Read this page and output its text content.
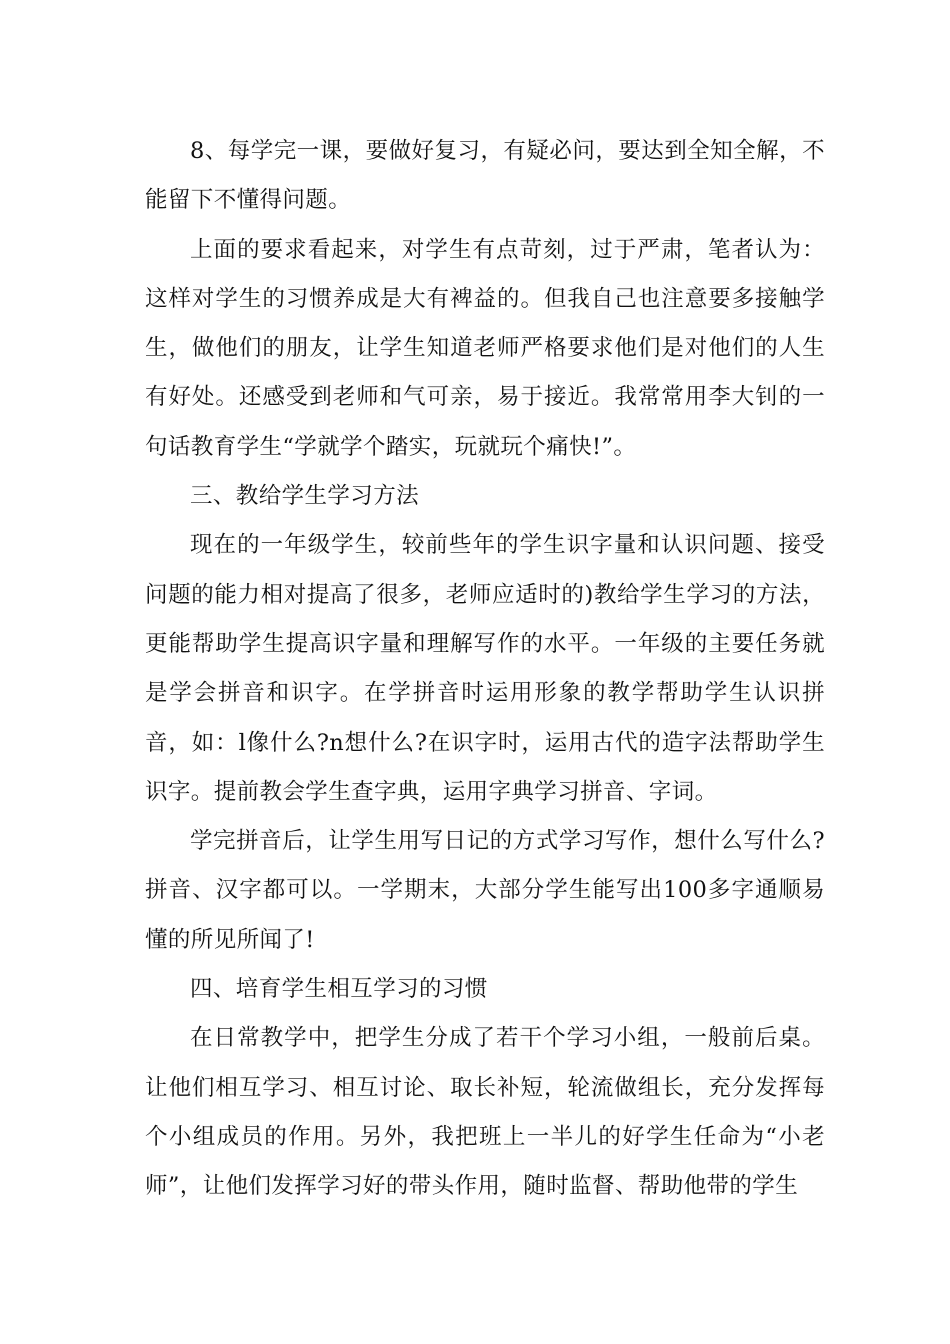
8、每学完一课，要做好复习，有疑必问，要达到全知全解，不能留下不懂得问题。

上面的要求看起来，对学生有点苛刻，过于严肃，笔者认为：这样对学生的习惯养成是大有裨益的。但我自己也注意要多接触学生，做他们的朋友，让学生知道老师严格要求他们是对他们的人生有好处。还感受到老师和气可亲，易于接近。我常常用李大钊的一句话教育学生“学就学个踏实，玩就玩个痛快!”。

三、教给学生学习方法

现在的一年级学生，较前些年的学生识字量和认识问题、接受问题的能力相对提高了很多，老师应适时的)教给学生学习的方法，更能帮助学生提高识字量和理解写作的水平。一年级的主要任务就是学会拼音和识字。在学拼音时运用形象的教学帮助学生认识拼音，如：l像什么?n想什么?在识字时，运用古代的造字法帮助学生识字。提前教会学生查字典，运用字典学习拼音、字词。

学完拼音后，让学生用写日记的方式学习写作，想什么写什么?拼音、汉字都可以。一学期末，大部分学生能写出100多字通顺易懂的所见所闻了!

四、培育学生相互学习的习惯

在日常教学中，把学生分成了若干个学习小组，一般前后桌。让他们相互学习、相互讨论、取长补短，轮流做组长，充分发挥每个小组成员的作用。另外，我把班上一半儿的好学生任命为“小老师”，让他们发挥学习好的带头作用，随时监督、帮助他带的学生
